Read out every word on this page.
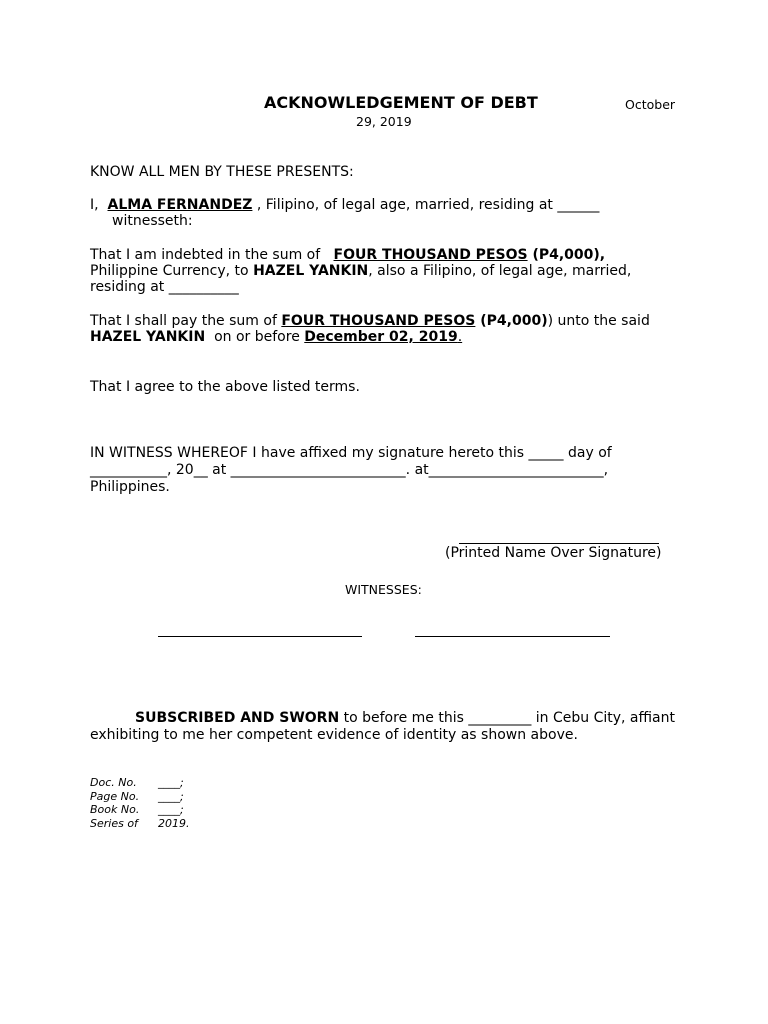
ACKNOWLEDGEMENT OF DEBT	October
29, 2019
KNOW ALL MEN BY THESE PRESENTS:
I, ALMA FERNANDEZ , Filipino, of legal age, married, residing at ______
witnesseth:
That I am indebted in the sum of FOUR THOUSAND PESOS (P4,000),
Philippine Currency, to HAZEL YANKIN, also a Filipino, of legal age, married,
residing at __________
That I shall pay the sum of FOUR THOUSAND PESOS (P4,000)) unto the said
HAZEL YANKIN  on or before December 02, 2019.
That I agree to the above listed terms.
IN WITNESS WHEREOF I have affixed my signature hereto this _____ day of
___________, 20__ at _________________________. at_________________________,
Philippines.
(Printed Name Over Signature)
WITNESSES:
SUBSCRIBED AND SWORN to before me this _________ in Cebu City, affiant
exhibiting to me her competent evidence of identity as shown above.
Doc. No. ____;
Page No. ____;
Book No. ____;
Series of 2019.
